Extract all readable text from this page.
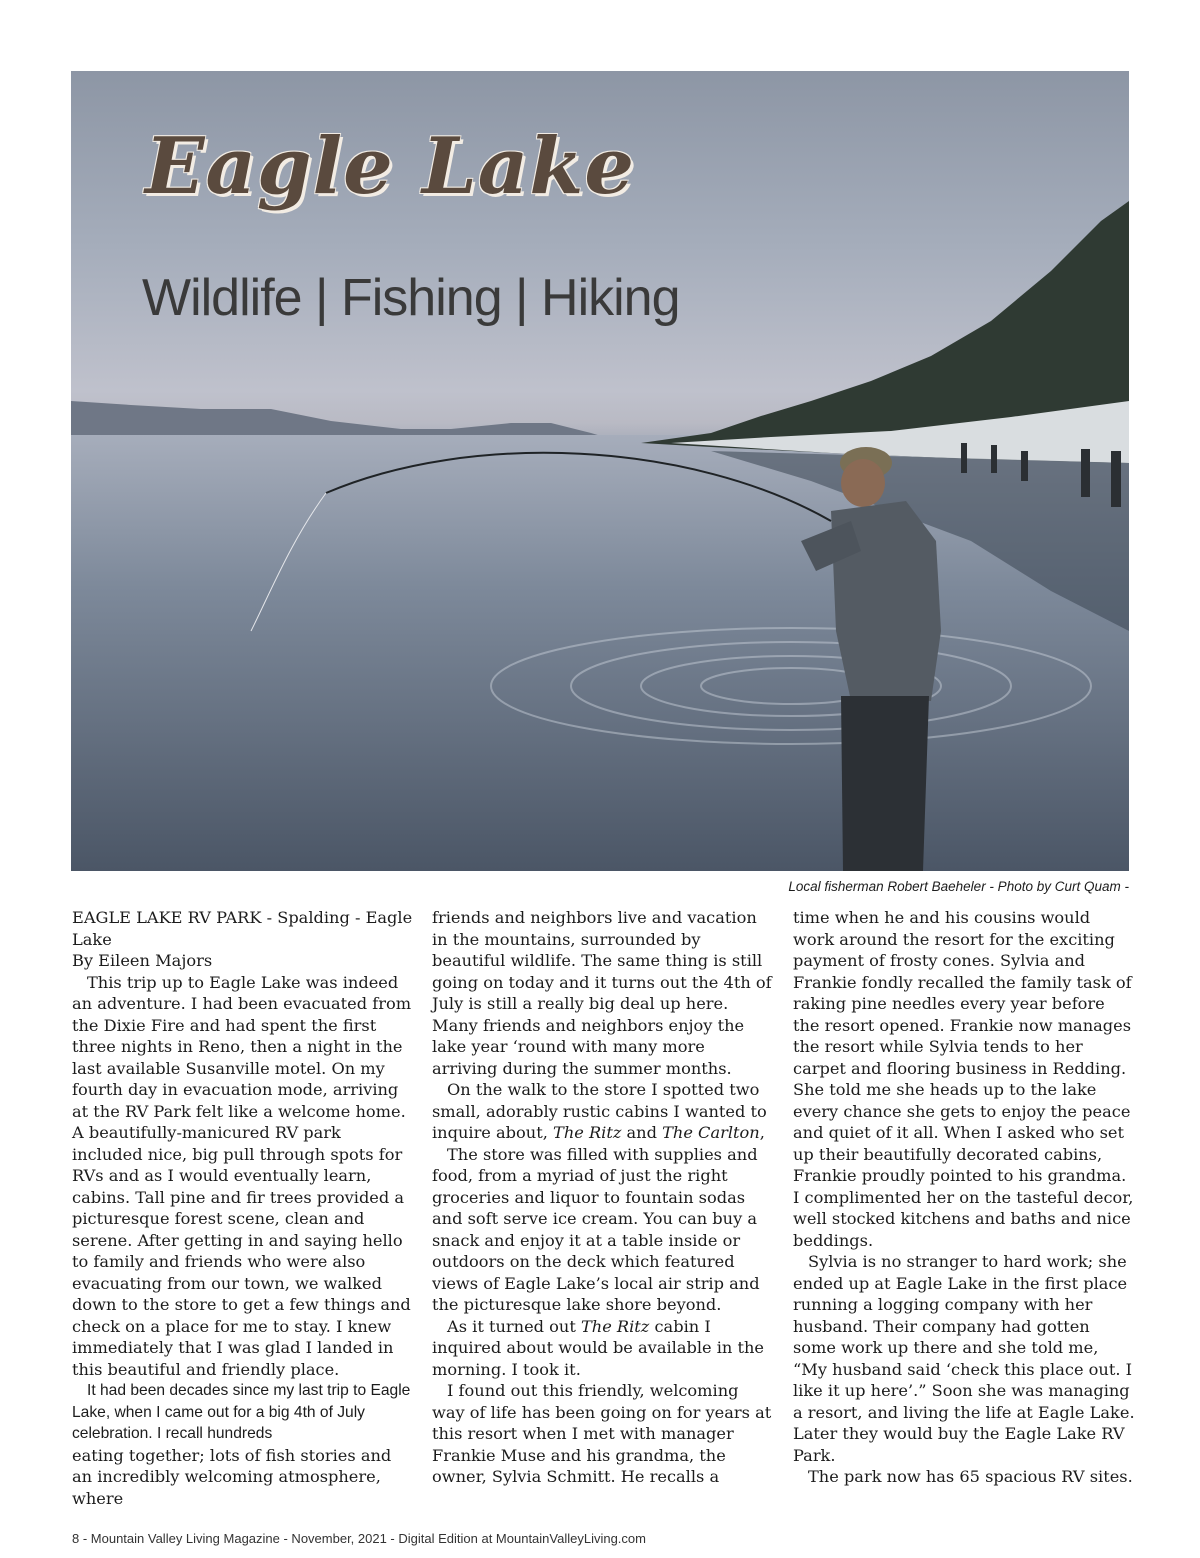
Eagle Lake
Wildlife | Fishing | Hiking
Local fisherman Robert Baeheler - Photo by Curt Quam -

EAGLE LAKE RV PARK - Spalding - Eagle Lake

By Eileen Majors

This trip up to Eagle Lake was indeed an adventure. I had been evacuated from the Dixie Fire and had spent the first three nights in Reno, then a night in the last available Susanville motel. On my fourth day in evacuation mode, arriving at the RV Park felt like a welcome home. A beautifully-manicured RV park included nice, big pull through spots for RVs and as I would eventually learn, cabins. Tall pine and fir trees provided a picturesque forest scene, clean and serene. After getting in and saying hello to family and friends who were also evacuating from our town, we walked down to the store to get a few things and check on a place for me to stay. I knew immediately that I was glad I landed in this beautiful and friendly place.

It had been decades since my last trip to Eagle Lake, when I came out for a big 4th of July celebration. I recall hundreds

eating together; lots of fish stories and an incredibly welcoming atmosphere, where

friends and neighbors live and vacation in the mountains, surrounded by beautiful wildlife. The same thing is still going on today and it turns out the 4th of July is still a really big deal up here. Many friends and neighbors enjoy the lake year ‘round with many more arriving during the summer months.

On the walk to the store I spotted two small, adorably rustic cabins I wanted to inquire about, The Ritz and The Carlton,

The store was filled with supplies and food, from a myriad of just the right groceries and liquor to fountain sodas and soft serve ice cream. You can buy a snack and enjoy it at a table inside or outdoors on the deck which featured views of Eagle Lake’s local air strip and the picturesque lake shore beyond.

As it turned out The Ritz cabin I inquired about would be available in the morning. I took it.

I found out this friendly, welcoming way of life has been going on for years at this resort when I met with manager Frankie Muse and his grandma, the owner, Sylvia Schmitt. He recalls a

time when he and his cousins would work around the resort for the exciting payment of frosty cones. Sylvia and Frankie fondly recalled the family task of raking pine needles every year before the resort opened. Frankie now manages the resort while Sylvia tends to her carpet and flooring business in Redding. She told me she heads up to the lake every chance she gets to enjoy the peace and quiet of it all. When I asked who set up their beautifully decorated cabins, Frankie proudly pointed to his grandma. I complimented her on the tasteful decor, well stocked kitchens and baths and nice beddings.

Sylvia is no stranger to hard work; she ended up at Eagle Lake in the first place running a logging company with her husband. Their company had gotten some work up there and she told me, “My husband said ‘check this place out. I like it up here’.” Soon she was managing a resort, and living the life at Eagle Lake. Later they would buy the Eagle Lake RV Park.

The park now has 65 spacious RV sites.

8 - Mountain Valley Living Magazine - November, 2021 - Digital Edition at MountainValleyLiving.com
